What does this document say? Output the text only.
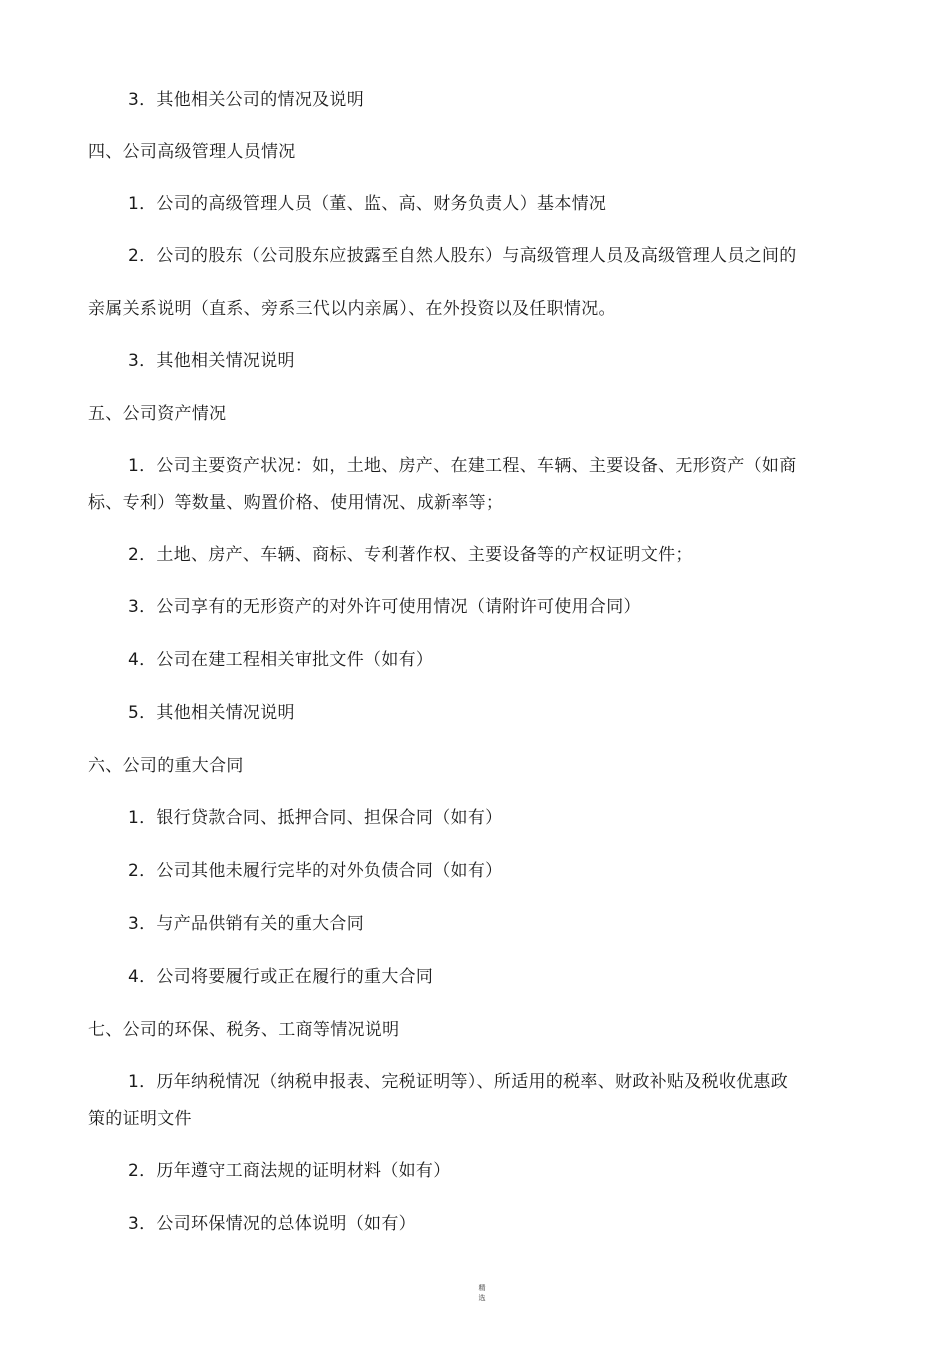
3．其他相关公司的情况及说明
四、公司高级管理人员情况
1．公司的高级管理人员（董、监、高、财务负责人）基本情况
2．公司的股东（公司股东应披露至自然人股东）与高级管理人员及高级管理人员之间的
亲属关系说明（直系、旁系三代以内亲属）、在外投资以及任职情况。
3．其他相关情况说明
五、公司资产情况
1．公司主要资产状况：如，土地、房产、在建工程、车辆、主要设备、无形资产（如商
标、专利）等数量、购置价格、使用情况、成新率等；
2．土地、房产、车辆、商标、专利著作权、主要设备等的产权证明文件；
3．公司享有的无形资产的对外许可使用情况（请附许可使用合同）
4．公司在建工程相关审批文件（如有）
5．其他相关情况说明
六、公司的重大合同
1．银行贷款合同、抵押合同、担保合同（如有）
2．公司其他未履行完毕的对外负债合同（如有）
3．与产品供销有关的重大合同
4．公司将要履行或正在履行的重大合同
七、公司的环保、税务、工商等情况说明
1．历年纳税情况（纳税申报表、完税证明等）、所适用的税率、财政补贴及税收优惠政
策的证明文件
2．历年遵守工商法规的证明材料（如有）
3．公司环保情况的总体说明（如有）
精
选
